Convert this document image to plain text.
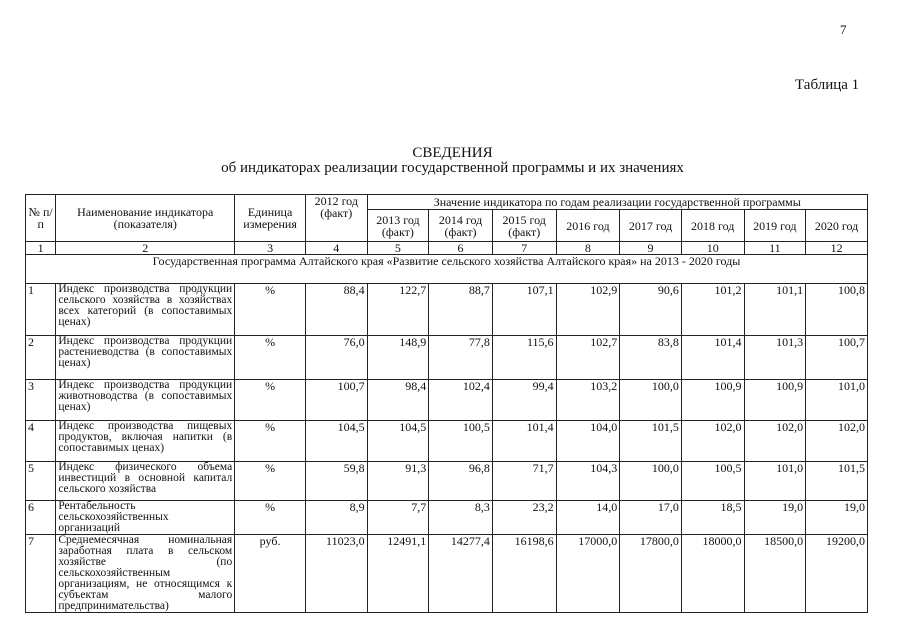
7
Таблица 1
СВЕДЕНИЯ
об индикаторах реализации государственной программы и их значениях
№ п/п	Наименование индикатора (показателя)	Единица измерения	2012 год (факт)	Значение индикатора по годам реализации государственной программы							
				2013 год (факт)	2014 год (факт)	2015 год (факт)	2016 год	2017 год	2018 год	2019 год	2020 год
1	2	3	4	5	6	7	8	9	10	11	12
Государственная программа Алтайского края «Развитие сельского хозяйства Алтайского края» на 2013 - 2020 годы											
1	Индекс производства продукции сельского хозяйства в хозяйствах всех категорий (в сопоставимых ценах)	%	88,4	122,7	88,7	107,1	102,9	90,6	101,2	101,1	100,8
2	Индекс производства продукции растениеводства (в сопоставимых ценах)	%	76,0	148,9	77,8	115,6	102,7	83,8	101,4	101,3	100,7
3	Индекс производства продукции животноводства (в сопоставимых ценах)	%	100,7	98,4	102,4	99,4	103,2	100,0	100,9	100,9	101,0
4	Индекс производства пищевых продуктов, включая напитки (в сопоставимых ценах)	%	104,5	104,5	100,5	101,4	104,0	101,5	102,0	102,0	102,0
5	Индекс физического объема инвестиций в основной капитал сельского хозяйства	%	59,8	91,3	96,8	71,7	104,3	100,0	100,5	101,0	101,5
6	Рентабельность сельскохозяйственных организаций	%	8,9	7,7	8,3	23,2	14,0	17,0	18,5	19,0	19,0
7	Среднемесячная номинальная заработная плата в сельском хозяйстве (по сельскохозяйственным организациям, не относящимся к субъектам малого предпринимательства)	руб.	11023,0	12491,1	14277,4	16198,6	17000,0	17800,0	18000,0	18500,0	19200,0
